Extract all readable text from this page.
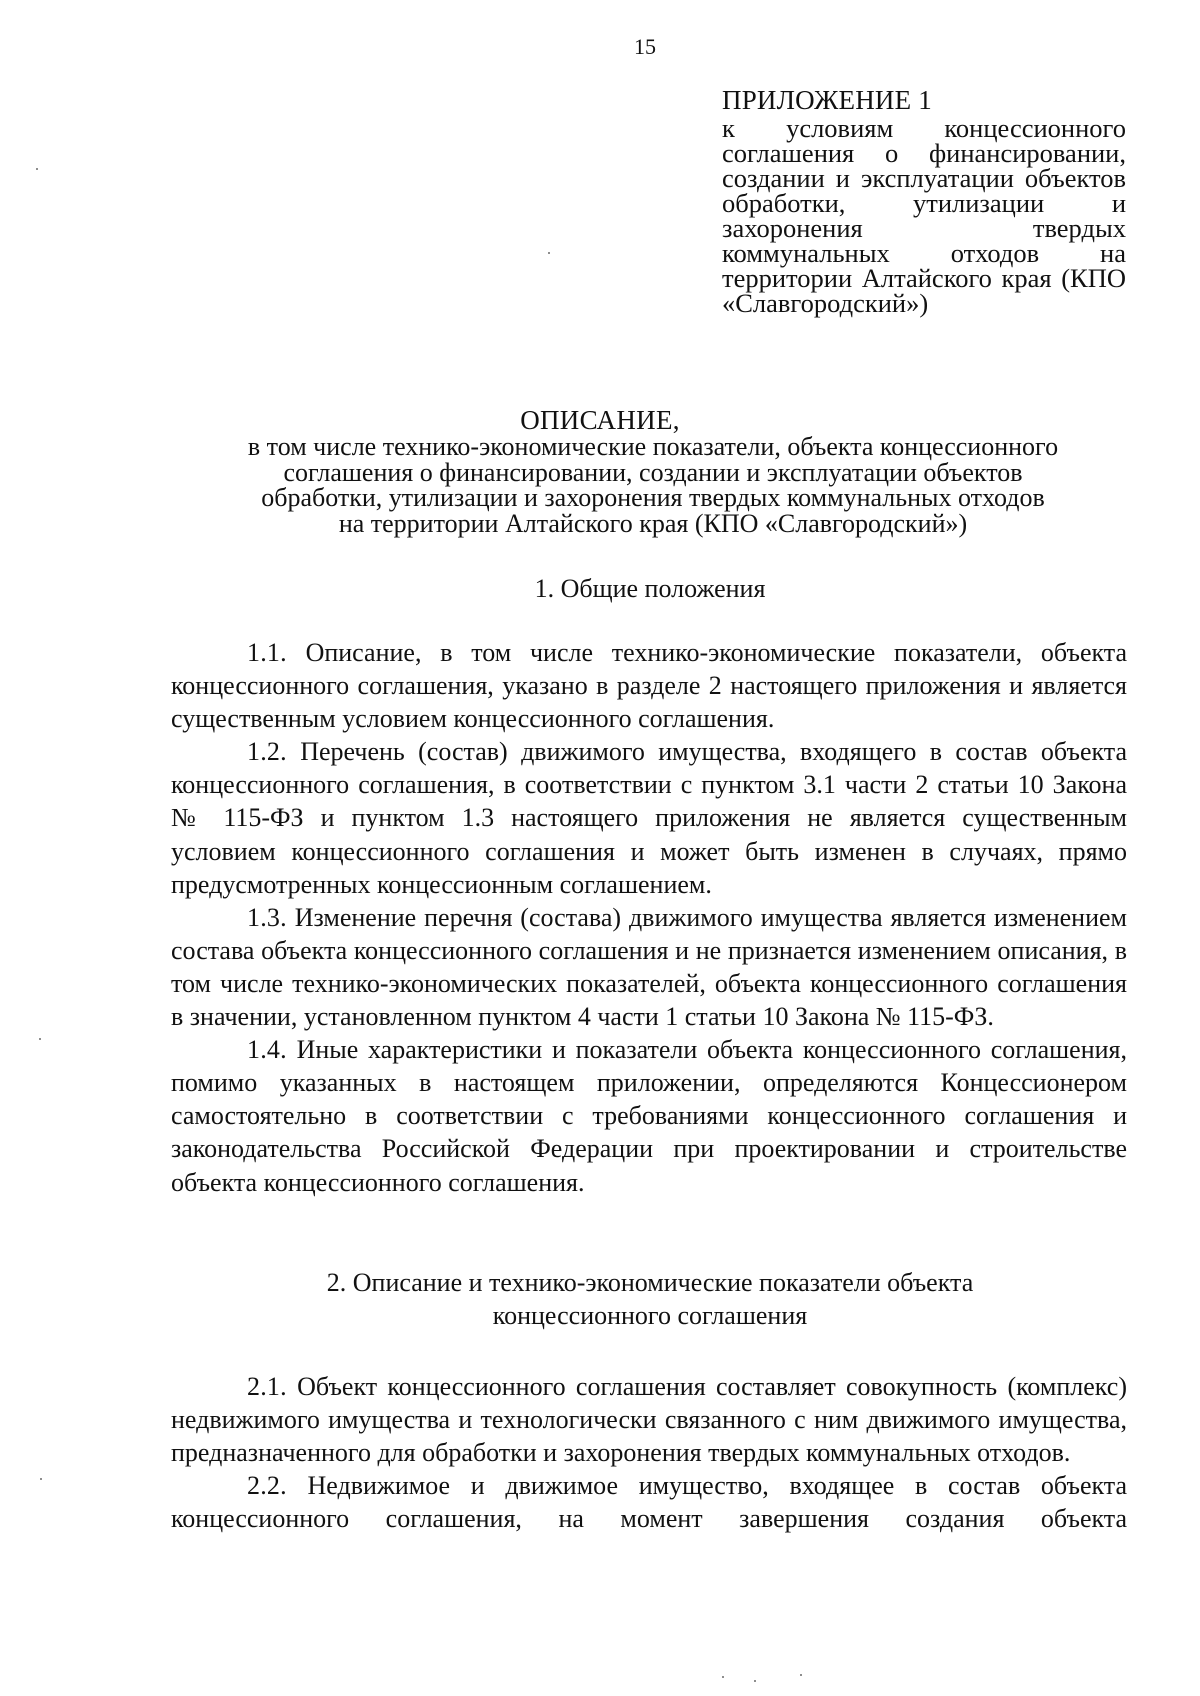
15
ПРИЛОЖЕНИЕ 1
к условиям концессионного соглашения о финансировании, создании и эксплуатации объектов обработки, утилизации и захоронения твердых коммунальных отходов на территории Алтайского края (КПО «Славгородский»)
ОПИСАНИЕ,
в том числе технико-экономические показатели, объекта концессионного
соглашения о финансировании, создании и эксплуатации объектов
обработки, утилизации и захоронения твердых коммунальных отходов
на территории Алтайского края (КПО «Славгородский»)
1. Общие положения

1.1. Описание, в том числе технико-экономические показатели, объекта концессионного соглашения, указано в разделе 2 настоящего приложения и является существенным условием концессионного соглашения.

1.2. Перечень (состав) движимого имущества, входящего в состав объекта концессионного соглашения, в соответствии с пунктом 3.1 части 2 статьи 10 Закона № 115-ФЗ и пунктом 1.3 настоящего приложения не является существенным условием концессионного соглашения и может быть изменен в случаях, прямо предусмотренных концессионным соглашением.

1.3. Изменение перечня (состава) движимого имущества является изменением состава объекта концессионного соглашения и не признается изменением описания, в том числе технико-экономических показателей, объекта концессионного соглашения в значении, установленном пунктом 4 части 1 статьи 10 Закона № 115-ФЗ.

1.4. Иные характеристики и показатели объекта концессионного соглашения, помимо указанных в настоящем приложении, определяются Концессионером самостоятельно в соответствии с требованиями концессионного соглашения и законодательства Российской Федерации при проектировании и строительстве объекта концессионного соглашения.

2. Описание и технико-экономические показатели объекта
концессионного соглашения

2.1. Объект концессионного соглашения составляет совокупность (комплекс) недвижимого имущества и технологически связанного с ним движимого имущества, предназначенного для обработки и захоронения твердых коммунальных отходов.

2.2. Недвижимое и движимое имущество, входящее в состав объекта концессионного соглашения, на момент завершения создания объекта
